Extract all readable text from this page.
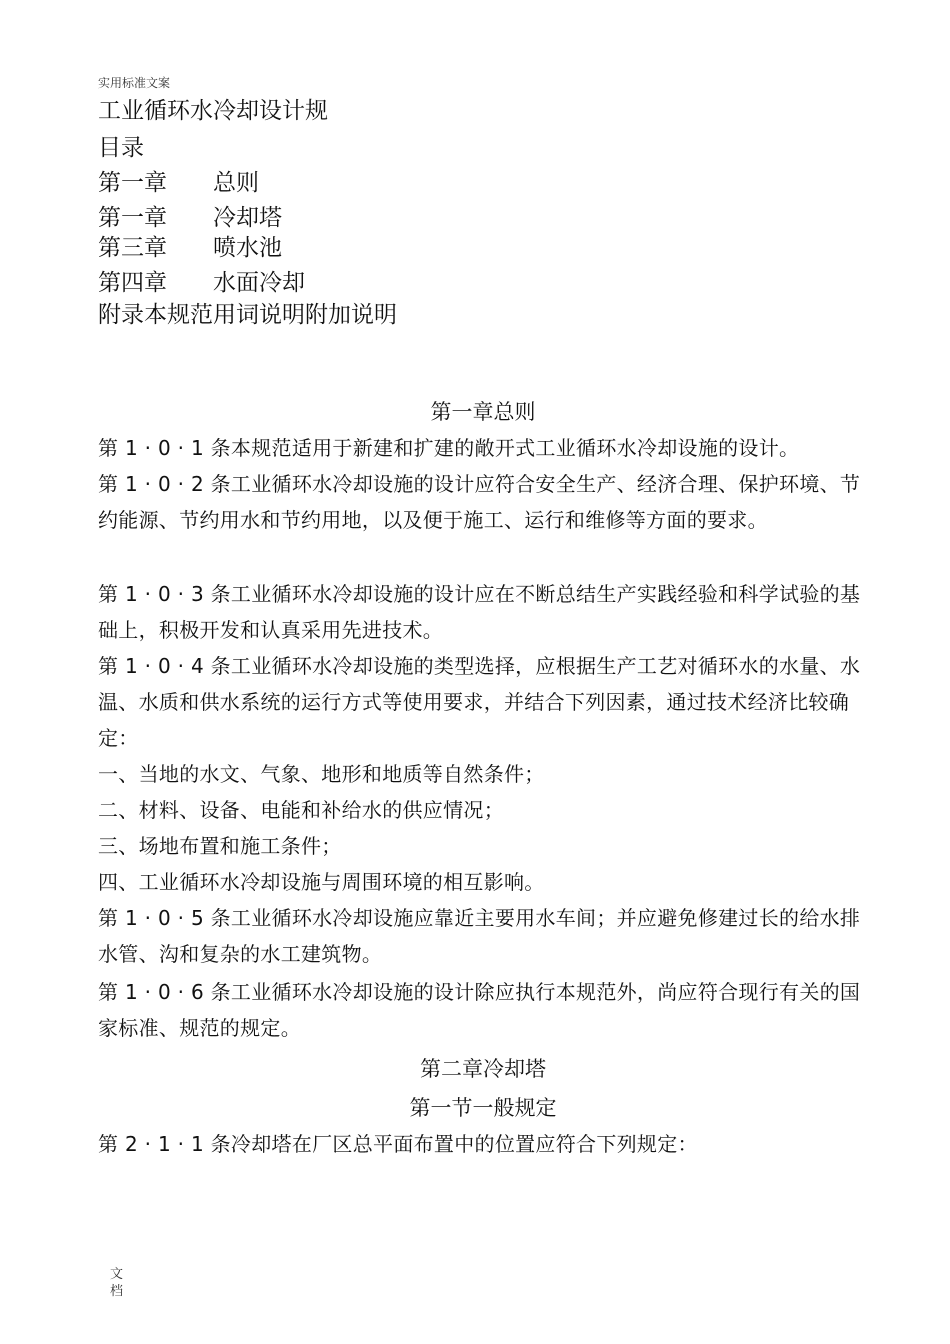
实用标准文案
工业循环水冷却设计规
目录
第一章 总则
第一章 冷却塔
第三章 喷水池
第四章 水面冷却
附录本规范用词说明附加说明
第一章总则
第 1 · 0 · 1 条本规范适用于新建和扩建的敞开式工业循环水冷却设施的设计。
第 1 · 0 · 2 条工业循环水冷却设施的设计应符合安全生产、经济合理、保护环境、节约能源、节约用水和节约用地，以及便于施工、运行和维修等方面的要求。
第 1 · 0 · 3 条工业循环水冷却设施的设计应在不断总结生产实践经验和科学试验的基础上，积极开发和认真采用先进技术。
第 1 · 0 · 4 条工业循环水冷却设施的类型选择，应根据生产工艺对循环水的水量、水温、水质和供水系统的运行方式等使用要求，并结合下列因素，通过技术经济比较确定：
一、当地的水文、气象、地形和地质等自然条件；
二、材料、设备、电能和补给水的供应情况；
三、场地布置和施工条件；
四、工业循环水冷却设施与周围环境的相互影响。
第 1 · 0 · 5 条工业循环水冷却设施应靠近主要用水车间；并应避免修建过长的给水排水管、沟和复杂的水工建筑物。
第 1 · 0 · 6 条工业循环水冷却设施的设计除应执行本规范外，尚应符合现行有关的国家标准、规范的规定。
第二章冷却塔
第一节一般规定
第 2 · 1 · 1 条冷却塔在厂区总平面布置中的位置应符合下列规定：
文档
